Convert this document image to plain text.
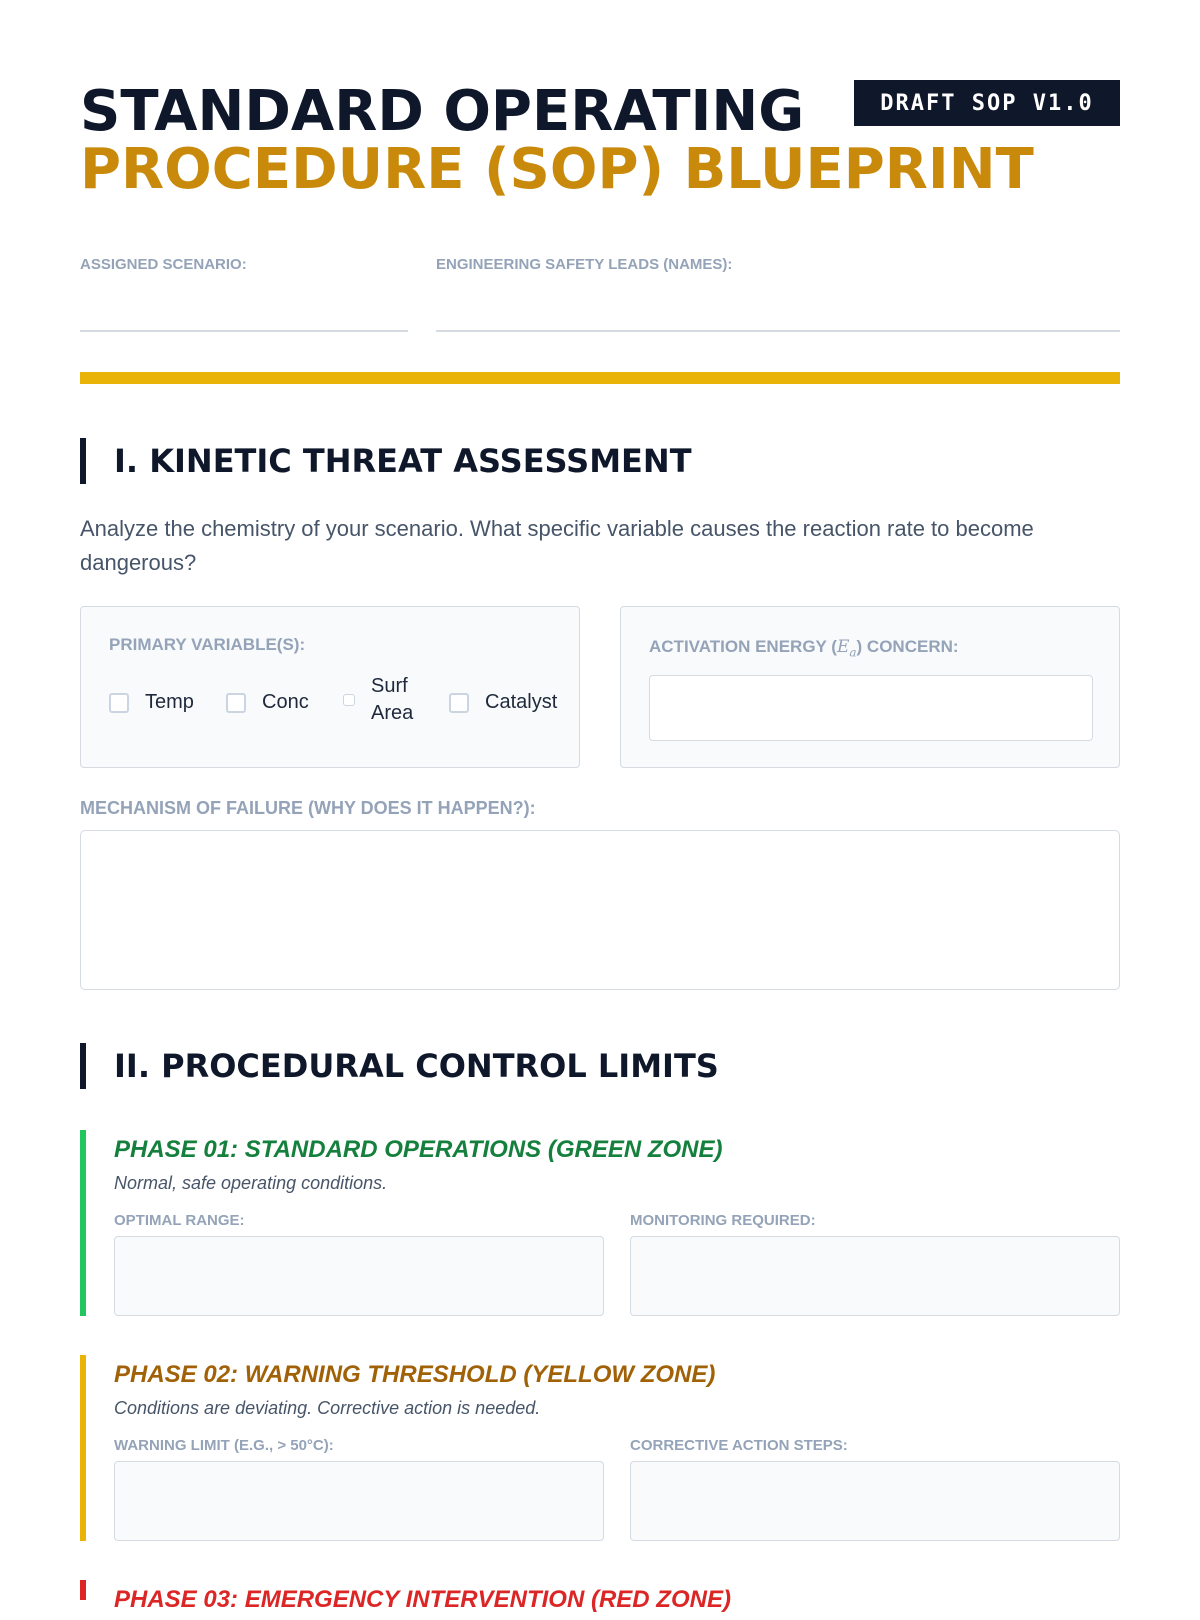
STANDARD OPERATING
PROCEDURE (SOP) BLUEPRINT
DRAFT SOP V1.0
ASSIGNED SCENARIO:	ENGINEERING SAFETY LEADS (NAMES):
I. KINETIC THREAT ASSESSMENT
Analyze the chemistry of your scenario. What specific variable causes the reaction rate to become dangerous?
PRIMARY VARIABLE(S):
Temp	Conc
Surf Area	Catalyst
ACTIVATION ENERGY $(E_a)$ CONCERN:
MECHANISM OF FAILURE (WHY DOES IT HAPPEN?):
II. PROCEDURAL CONTROL LIMITS
PHASE 01: STANDARD OPERATIONS (GREEN ZONE)
Normal, safe operating conditions.
OPTIMAL RANGE:	MONITORING REQUIRED:
PHASE 02: WARNING THRESHOLD (YELLOW ZONE)
Conditions are deviating. Corrective action is needed.
WARNING LIMIT (E.G., > 50°C):	CORRECTIVE ACTION STEPS:
PHASE 03: EMERGENCY INTERVENTION (RED ZONE)
